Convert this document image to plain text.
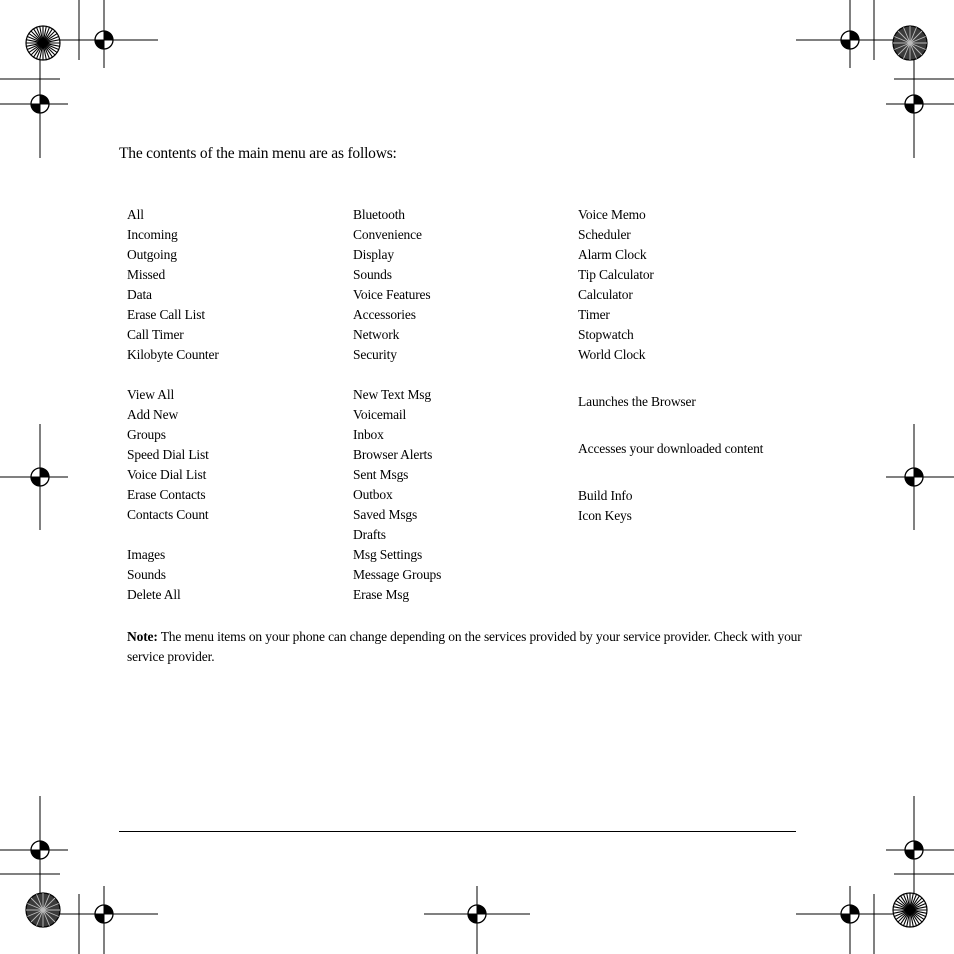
The contents of the main menu are as follows:
All
Incoming
Outgoing
Missed
Data
Erase Call List
Call Timer
Kilobyte Counter
View All
Add New
Groups
Speed Dial List
Voice Dial List
Erase Contacts
Contacts Count
Images
Sounds
Delete All
Bluetooth
Convenience
Display
Sounds
Voice Features
Accessories
Network
Security
New Text Msg
Voicemail
Inbox
Browser Alerts
Sent Msgs
Outbox
Saved Msgs
Drafts
Msg Settings
Message Groups
Erase Msg
Voice Memo
Scheduler
Alarm Clock
Tip Calculator
Calculator
Timer
Stopwatch
World Clock
Launches the Browser
Accesses your downloaded content
Build Info
Icon Keys
Note: The menu items on your phone can change depending on the services provided by your service provider. Check with your service provider.
